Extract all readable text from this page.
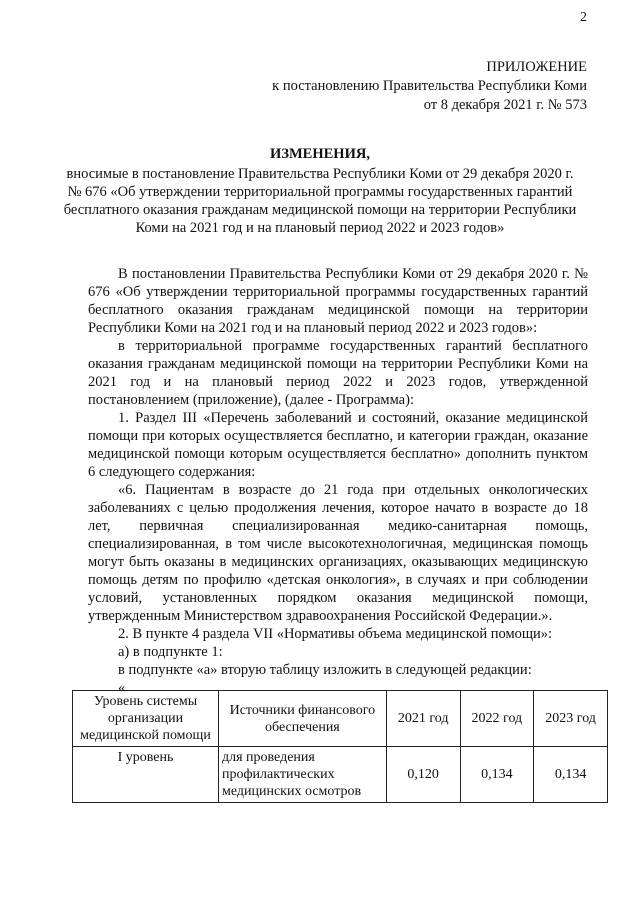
2
ПРИЛОЖЕНИЕ
к постановлению Правительства Республики Коми
от 8 декабря 2021 г. № 573
ИЗМЕНЕНИЯ,
вносимые в постановление Правительства Республики Коми от 29 декабря 2020 г. № 676 «Об утверждении территориальной программы государственных гарантий бесплатного оказания гражданам медицинской помощи на территории Республики Коми на 2021 год и на плановый период 2022 и 2023 годов»

В постановлении Правительства Республики Коми от 29 декабря 2020 г. № 676 «Об утверждении территориальной программы государственных гарантий бесплатного оказания гражданам медицинской помощи на территории Республики Коми на 2021 год и на плановый период 2022 и 2023 годов»:

в территориальной программе государственных гарантий бесплатного оказания гражданам медицинской помощи на территории Республики Коми на 2021 год и на плановый период 2022 и 2023 годов, утвержденной постановлением (приложение), (далее - Программа):

1. Раздел III «Перечень заболеваний и состояний, оказание медицинской помощи при которых осуществляется бесплатно, и категории граждан, оказание медицинской помощи которым осуществляется бесплатно» дополнить пунктом 6 следующего содержания:

«6. Пациентам в возрасте до 21 года при отдельных онкологических заболеваниях с целью продолжения лечения, которое начато в возрасте до 18 лет, первичная специализированная медико-санитарная помощь, специализированная, в том числе высокотехнологичная, медицинская помощь могут быть оказаны в медицинских организациях, оказывающих медицинскую помощь детям по профилю «детская онкология», в случаях и при соблюдении условий, установленных порядком оказания медицинской помощи, утвержденным Министерством здравоохранения Российской Федерации.».

2. В пункте 4 раздела VII «Нормативы объема медицинской помощи»:

а) в подпункте 1:

в подпункте «а» вторую таблицу изложить в следующей редакции:

«

Уровень системы организации медицинской помощи	Источники финансового обеспечения	2021 год	2022 год	2023 год
I уровень	для проведения профилактических медицинских осмотров	0,120	0,134	0,134
